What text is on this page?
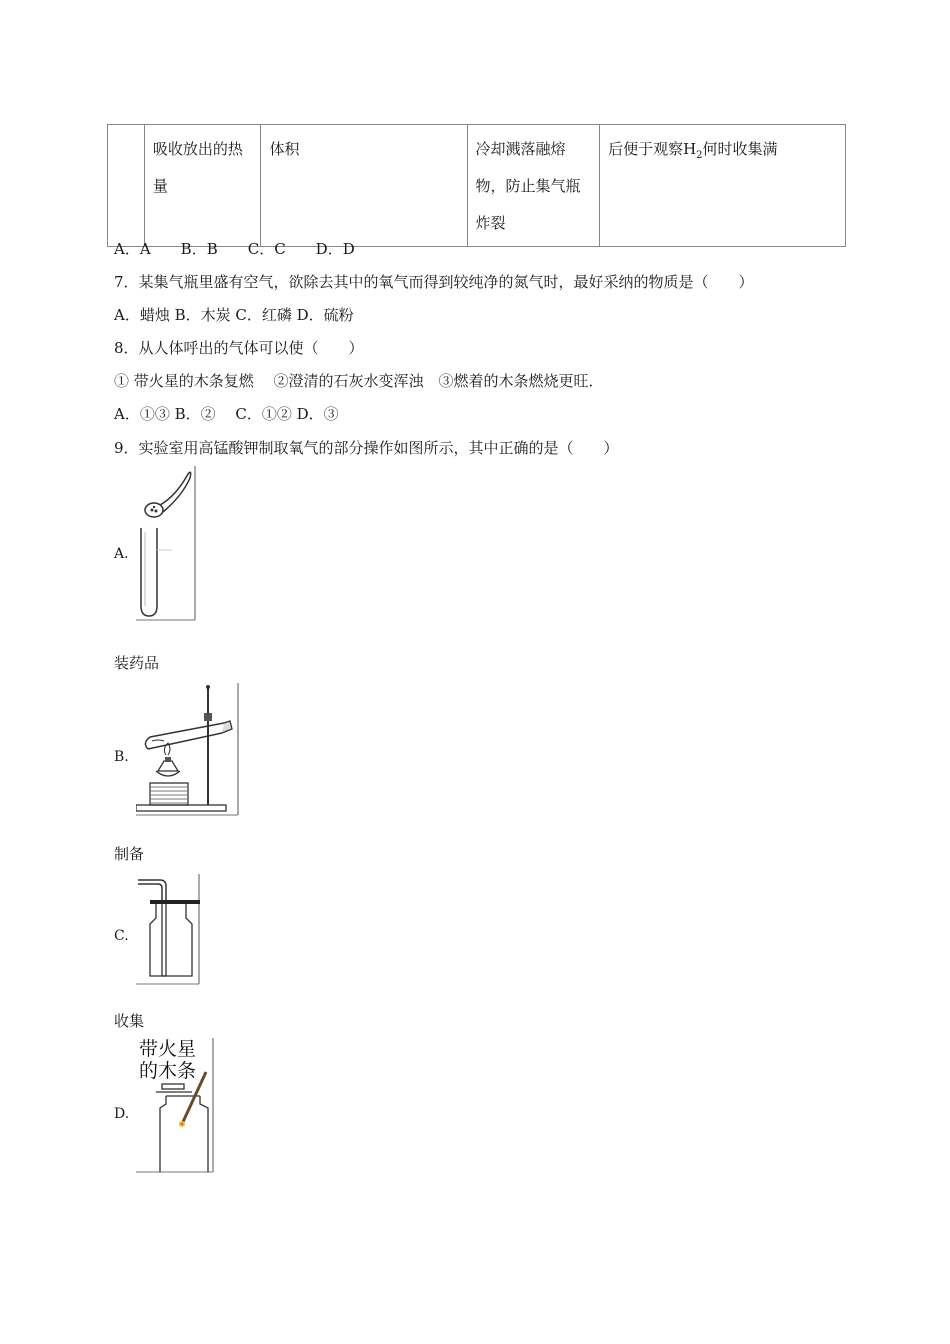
	吸收放出的热量	体积	冷却溅落融熔物，防止集气瓶炸裂	后便于观察$H_2$何时收集满
A．A　　B．B　　C．C　　D．D
7．某集气瓶里盛有空气，欲除去其中的氧气而得到较纯净的氮气时，最好采纳的物质是（　　）
A．蜡烛 B．木炭 C．红磷 D．硫粉
8．从人体呼出的气体可以使（　　）
① 带火星的木条复燃　 ②澄清的石灰水变浑浊　③燃着的木条燃烧更旺．
A．①③ B．②　 C．①② D．③
9．实验室用高锰酸钾制取氧气的部分操作如图所示，其中正确的是（　　）
A.
装药品
B.
制备
C.
收集
D.
带火星
的木条
